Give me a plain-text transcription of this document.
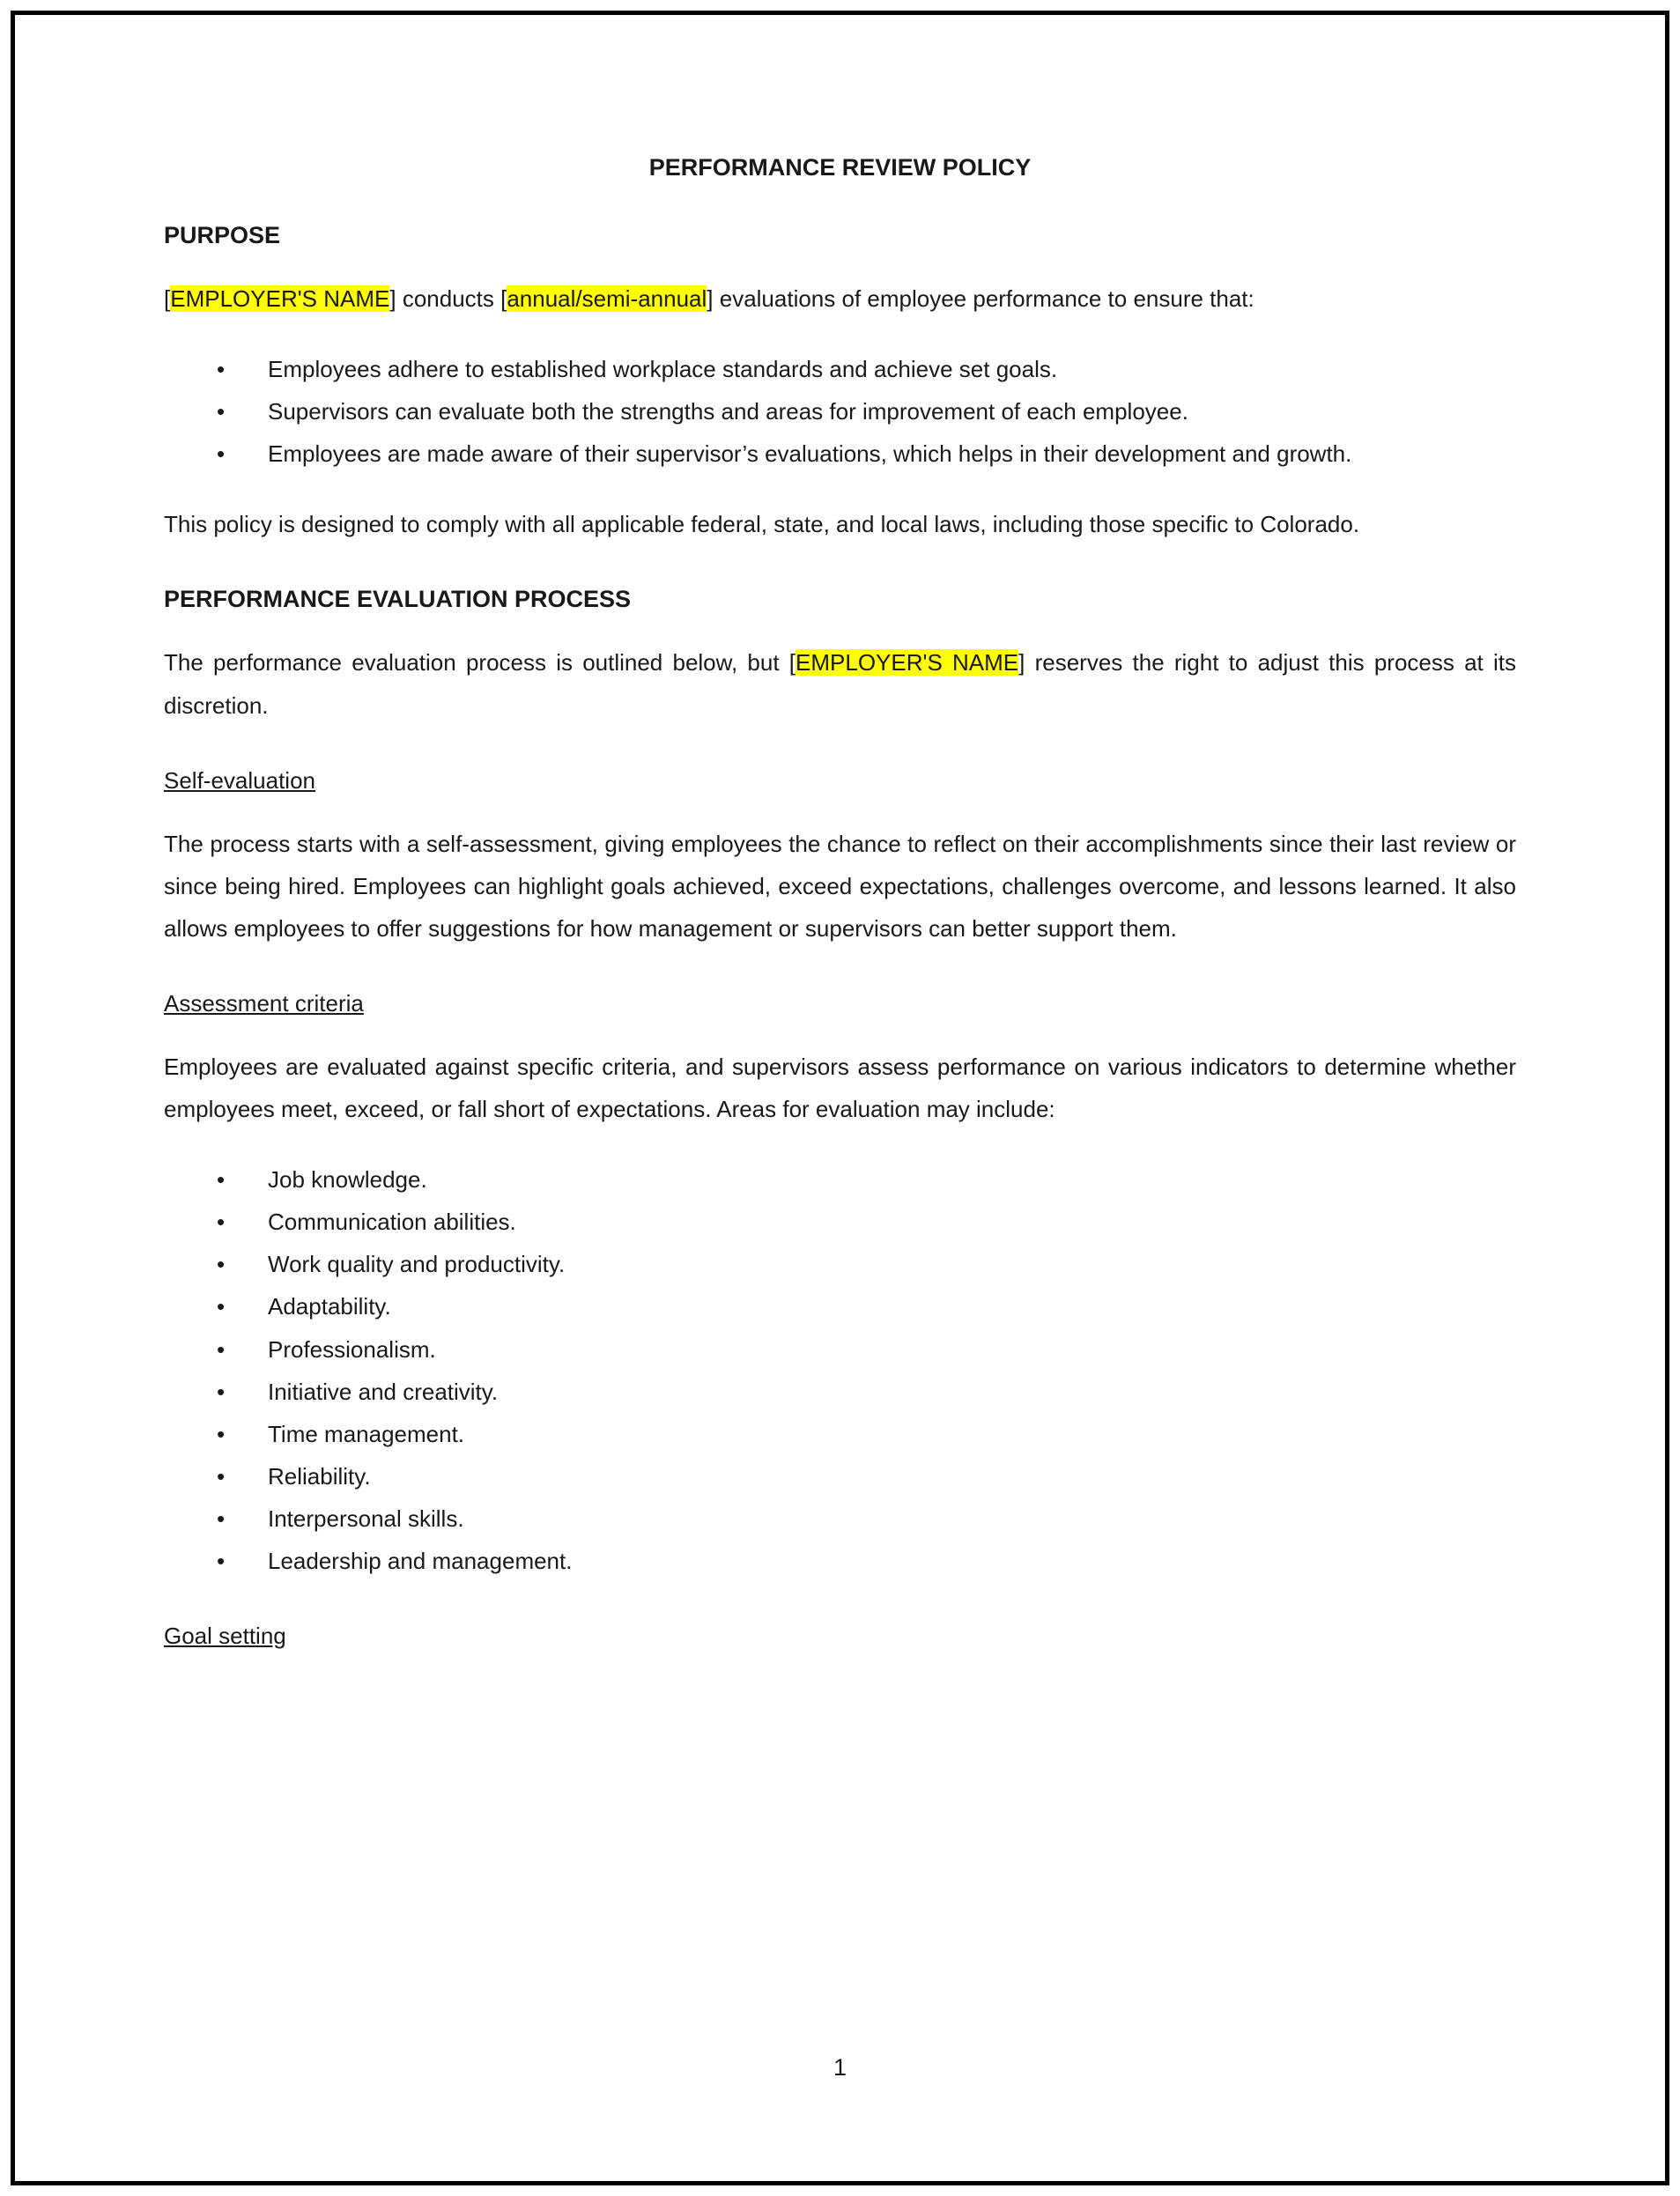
PERFORMANCE REVIEW POLICY
PURPOSE

[EMPLOYER'S NAME] conducts [annual/semi-annual] evaluations of employee performance to ensure that:

• Employees adhere to established workplace standards and achieve set goals.
• Supervisors can evaluate both the strengths and areas for improvement of each employee.
• Employees are made aware of their supervisor’s evaluations, which helps in their development and growth.

This policy is designed to comply with all applicable federal, state, and local laws, including those specific to Colorado.

PERFORMANCE EVALUATION PROCESS

The performance evaluation process is outlined below, but [EMPLOYER'S NAME] reserves the right to adjust this process at its discretion.

Self-evaluation

The process starts with a self-assessment, giving employees the chance to reflect on their accomplishments since their last review or since being hired. Employees can highlight goals achieved, exceed expectations, challenges overcome, and lessons learned. It also allows employees to offer suggestions for how management or supervisors can better support them.

Assessment criteria

Employees are evaluated against specific criteria, and supervisors assess performance on various indicators to determine whether employees meet, exceed, or fall short of expectations. Areas for evaluation may include:

• Job knowledge.
• Communication abilities.
• Work quality and productivity.
• Adaptability.
• Professionalism.
• Initiative and creativity.
• Time management.
• Reliability.
• Interpersonal skills.
• Leadership and management.
Goal setting
1
